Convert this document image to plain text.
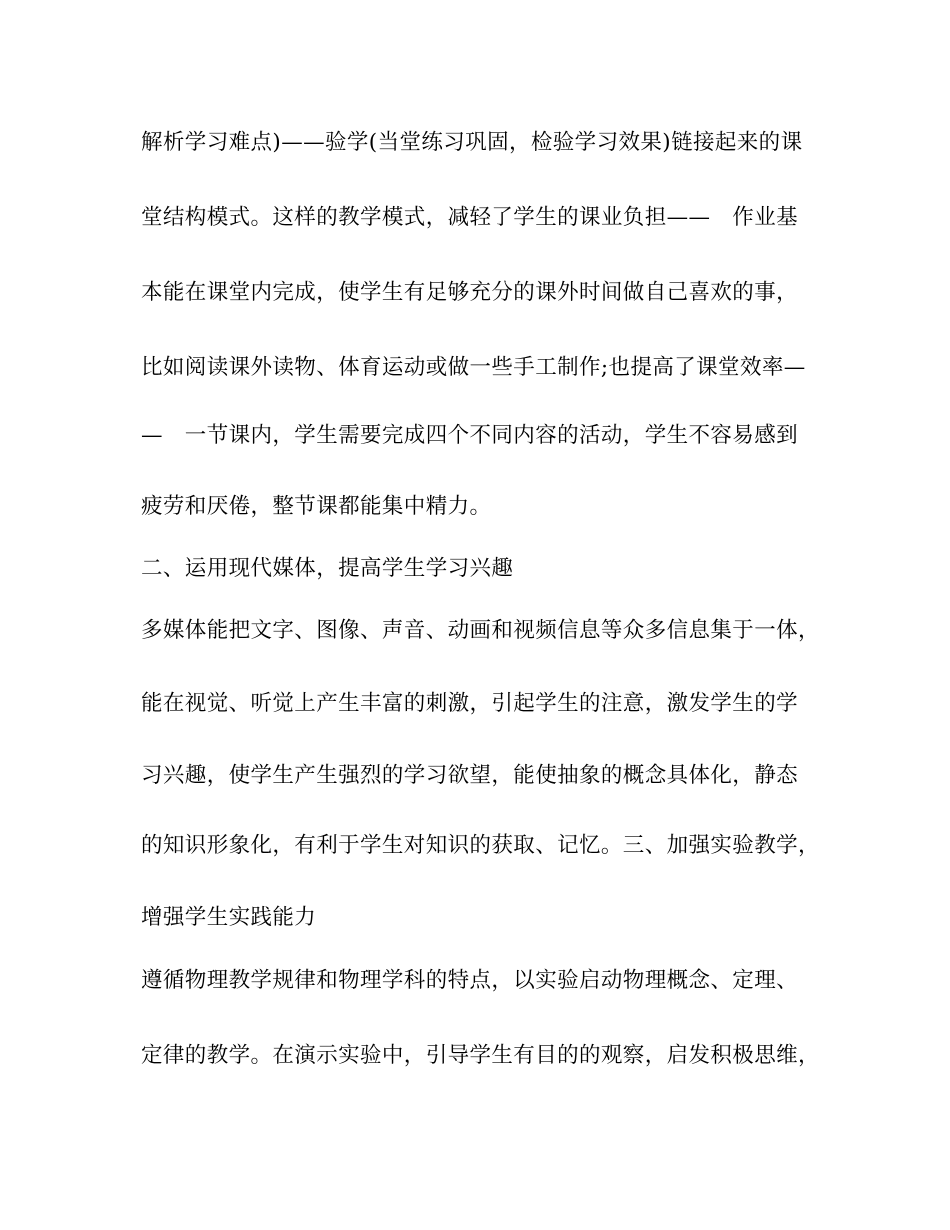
解析学习难点)——验学(当堂练习巩固，检验学习效果)链接起来的课
堂结构模式。这样的教学模式，减轻了学生的课业负担——　作业基
本能在课堂内完成，使学生有足够充分的课外时间做自己喜欢的事，
比如阅读课外读物、体育运动或做一些手工制作;也提高了课堂效率—
—　一节课内，学生需要完成四个不同内容的活动，学生不容易感到
疲劳和厌倦，整节课都能集中精力。
二、运用现代媒体，提高学生学习兴趣
多媒体能把文字、图像、声音、动画和视频信息等众多信息集于一体，
能在视觉、听觉上产生丰富的刺激，引起学生的注意，激发学生的学
习兴趣，使学生产生强烈的学习欲望，能使抽象的概念具体化，静态
的知识形象化，有利于学生对知识的获取、记忆。三、加强实验教学，
增强学生实践能力
遵循物理教学规律和物理学科的特点，以实验启动物理概念、定理、
定律的教学。在演示实验中，引导学生有目的的观察，启发积极思维，
